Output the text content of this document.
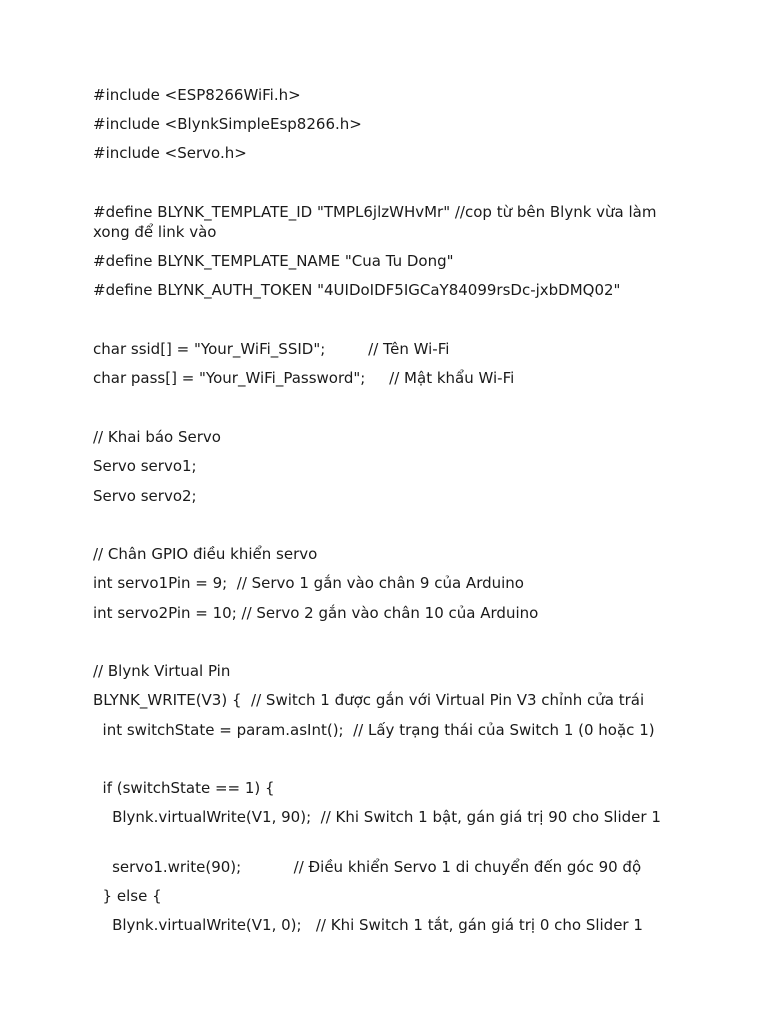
#include <ESP8266WiFi.h>
#include <BlynkSimpleEsp8266.h>
#include <Servo.h>
#define BLYNK_TEMPLATE_ID "TMPL6jlzWHvMr" //cop từ bên Blynk vừa làm xong để link vào
#define BLYNK_TEMPLATE_NAME "Cua Tu Dong"
#define BLYNK_AUTH_TOKEN "4UIDoIDF5IGCaY84099rsDc-jxbDMQ02"
char ssid[] = "Your_WiFi_SSID";         // Tên Wi-Fi
char pass[] = "Your_WiFi_Password";     // Mật khẩu Wi-Fi
// Khai báo Servo
Servo servo1;
Servo servo2;
// Chân GPIO điều khiển servo
int servo1Pin = 9;  // Servo 1 gắn vào chân 9 của Arduino
int servo2Pin = 10; // Servo 2 gắn vào chân 10 của Arduino
// Blynk Virtual Pin
BLYNK_WRITE(V3) {  // Switch 1 được gắn với Virtual Pin V3 chỉnh cửa trái
int switchState = param.asInt();  // Lấy trạng thái của Switch 1 (0 hoặc 1)
if (switchState == 1) {
Blynk.virtualWrite(V1, 90);  // Khi Switch 1 bật, gán giá trị 90 cho Slider 1
servo1.write(90);           // Điều khiển Servo 1 di chuyển đến góc 90 độ
} else {
Blynk.virtualWrite(V1, 0);   // Khi Switch 1 tắt, gán giá trị 0 cho Slider 1
